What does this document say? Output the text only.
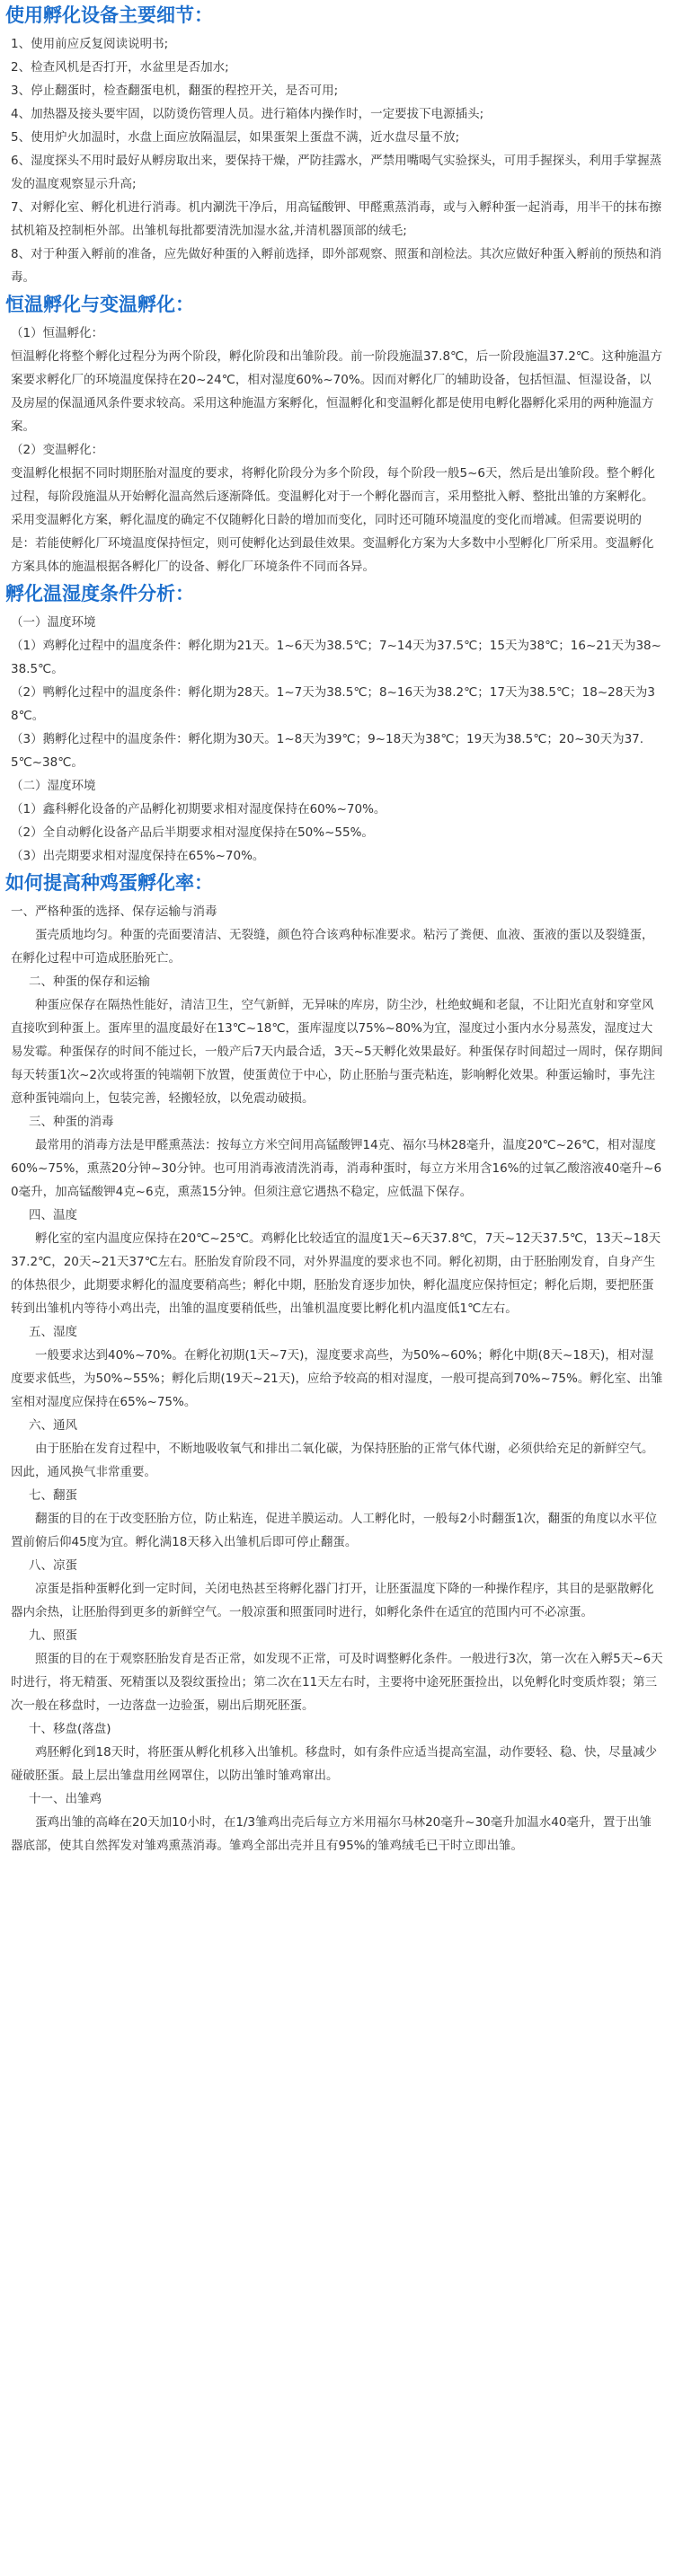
使用孵化设备主要细节：

1、使用前应反复阅读说明书;

2、检查风机是否打开，水盆里是否加水;

3、停止翻蛋时，检查翻蛋电机，翻蛋的程控开关，是否可用;

4、加热器及接头要牢固，以防烫伤管理人员。进行箱体内操作时，一定要拔下电源插头;

5、使用炉火加温时，水盘上面应放隔温层，如果蛋架上蛋盘不满，近水盘尽量不放;

6、湿度探头不用时最好从孵房取出来，要保持干燥，严防挂露水，严禁用嘴喝气实验探头，可用手握探头，利用手掌握蒸发的温度观察显示升高;

7、对孵化室、孵化机进行消毒。机内涮洗干净后，用高锰酸钾、甲醛熏蒸消毒，或与入孵种蛋一起消毒，用半干的抹布擦拭机箱及控制柜外部。出雏机每批都要清洗加湿水盆,并清机器顶部的绒毛;

8、对于种蛋入孵前的准备，应先做好种蛋的入孵前选择，即外部观察、照蛋和剖检法。其次应做好种蛋入孵前的预热和消毒。

恒温孵化与变温孵化：

（1）恒温孵化：

恒温孵化将整个孵化过程分为两个阶段，孵化阶段和出雏阶段。前一阶段施温37.8℃，后一阶段施温37.2℃。这种施温方案要求孵化厂的环境温度保持在20~24℃，相对湿度60%~70%。因而对孵化厂的辅助设备，包括恒温、恒湿设备，以及房屋的保温通风条件要求较高。采用这种施温方案孵化，恒温孵化和变温孵化都是使用电孵化器孵化采用的两种施温方案。

（2）变温孵化：

变温孵化根据不同时期胚胎对温度的要求，将孵化阶段分为多个阶段，每个阶段一般5~6天，然后是出雏阶段。整个孵化过程，每阶段施温从开始孵化温高然后逐渐降低。变温孵化对于一个孵化器而言，采用整批入孵、整批出雏的方案孵化。采用变温孵化方案，孵化温度的确定不仅随孵化日龄的增加而变化，同时还可随环境温度的变化而增减。但需要说明的是：若能使孵化厂环境温度保持恒定，则可使孵化达到最佳效果。变温孵化方案为大多数中小型孵化厂所采用。变温孵化方案具体的施温根据各孵化厂的设备、孵化厂环境条件不同而各异。

孵化温湿度条件分析：

（一）温度环境

（1）鸡孵化过程中的温度条件：孵化期为21天。1~6天为38.5℃；7~14天为37.5℃；15天为38℃；16~21天为38~38.5℃。

（2）鸭孵化过程中的温度条件：孵化期为28天。1~7天为38.5℃；8~16天为38.2℃；17天为38.5℃；18~28天为38℃。

（3）鹅孵化过程中的温度条件：孵化期为30天。1~8天为39℃；9~18天为38℃；19天为38.5℃；20~30天为37.5℃~38℃。

（二）湿度环境

（1）鑫科孵化设备的产品孵化初期要求相对湿度保持在60%~70%。

（2）全自动孵化设备产品后半期要求相对湿度保持在50%~55%。

（3）出壳期要求相对湿度保持在65%~70%。

如何提高种鸡蛋孵化率：

一、严格种蛋的选择、保存运输与消毒

蛋壳质地均匀。种蛋的壳面要清洁、无裂缝，颜色符合该鸡种标准要求。粘污了粪便、血液、蛋液的蛋以及裂缝蛋，在孵化过程中可造成胚胎死亡。

二、种蛋的保存和运输

种蛋应保存在隔热性能好，清洁卫生，空气新鲜，无异味的库房，防尘沙，杜绝蚊蝇和老鼠，不让阳光直射和穿堂风直接吹到种蛋上。蛋库里的温度最好在13℃~18℃，蛋库湿度以75%~80%为宜，湿度过小蛋内水分易蒸发，湿度过大易发霉。种蛋保存的时间不能过长，一般产后7天内最合适，3天~5天孵化效果最好。种蛋保存时间超过一周时，保存期间每天转蛋1次~2次或将蛋的钝端朝下放置，使蛋黄位于中心，防止胚胎与蛋壳粘连，影响孵化效果。种蛋运输时，事先注意种蛋钝端向上，包装完善，轻搬轻放，以免震动破损。

三、种蛋的消毒

最常用的消毒方法是甲醛熏蒸法：按每立方米空间用高锰酸钾14克、福尔马林28毫升，温度20℃~26℃，相对湿度60%~75%，熏蒸20分钟~30分钟。也可用消毒液清洗消毒，消毒种蛋时，每立方米用含16%的过氧乙酸溶液40毫升~60毫升，加高锰酸钾4克~6克，熏蒸15分钟。但须注意它遇热不稳定，应低温下保存。

四、温度

孵化室的室内温度应保持在20℃~25℃。鸡孵化比较适宜的温度1天~6天37.8℃，7天~12天37.5℃，13天~18天37.2℃，20天~21天37℃左右。胚胎发育阶段不同，对外界温度的要求也不同。孵化初期，由于胚胎刚发育，自身产生的体热很少，此期要求孵化的温度要稍高些；孵化中期，胚胎发育逐步加快，孵化温度应保持恒定；孵化后期，要把胚蛋转到出雏机内等待小鸡出壳，出雏的温度要稍低些，出雏机温度要比孵化机内温度低1℃左右。

五、湿度

一般要求达到40%~70%。在孵化初期(1天~7天)，湿度要求高些，为50%~60%；孵化中期(8天~18天)，相对湿度要求低些，为50%~55%；孵化后期(19天~21天)，应给予较高的相对湿度，一般可提高到70%~75%。孵化室、出雏室相对湿度应保持在65%~75%。

六、通风

由于胚胎在发育过程中，不断地吸收氧气和排出二氧化碳，为保持胚胎的正常气体代谢，必须供给充足的新鲜空气。因此，通风换气非常重要。

七、翻蛋

翻蛋的目的在于改变胚胎方位，防止粘连，促进羊膜运动。人工孵化时，一般每2小时翻蛋1次，翻蛋的角度以水平位置前俯后仰45度为宜。孵化满18天移入出雏机后即可停止翻蛋。

八、凉蛋

凉蛋是指种蛋孵化到一定时间，关闭电热甚至将孵化器门打开，让胚蛋温度下降的一种操作程序，其目的是驱散孵化器内余热，让胚胎得到更多的新鲜空气。一般凉蛋和照蛋同时进行，如孵化条件在适宜的范围内可不必凉蛋。

九、照蛋

照蛋的目的在于观察胚胎发育是否正常，如发现不正常，可及时调整孵化条件。一般进行3次，第一次在入孵5天~6天时进行，将无精蛋、死精蛋以及裂纹蛋捡出；第二次在11天左右时，主要将中途死胚蛋捡出，以免孵化时变质炸裂；第三次一般在移盘时，一边落盘一边验蛋，剔出后期死胚蛋。

十、移盘(落盘)

鸡胚孵化到18天时，将胚蛋从孵化机移入出雏机。移盘时，如有条件应适当提高室温，动作要轻、稳、快，尽量减少碰破胚蛋。最上层出雏盘用丝网罩住，以防出雏时雏鸡窜出。

十一、出雏鸡

蛋鸡出雏的高峰在20天加10小时，在1/3雏鸡出壳后每立方米用福尔马林20毫升~30毫升加温水40毫升，置于出雏器底部，使其自然挥发对雏鸡熏蒸消毒。雏鸡全部出壳并且有95%的雏鸡绒毛已干时立即出雏。
